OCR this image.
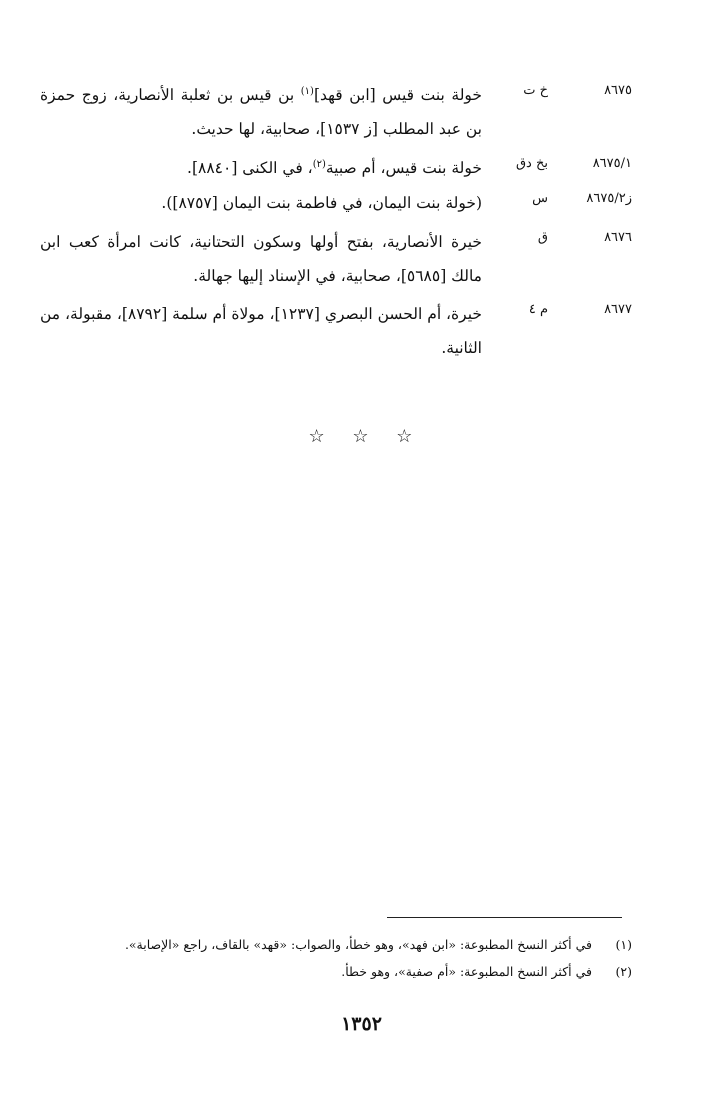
٨٦٧٥
خ ت
خولة بنت قيس [ابن قهد]$^{(١)}$ بن قيس بن ثعلبة الأنصارية، زوج حمزة بن عبد المطلب [ز ١٥٣٧]، صحابية، لها حديث.
٨٦٧٥/١
بخ دق
خولة بنت قيس، أم صبية$^{(٢)}$، في الكنى [٨٨٤٠].
ز٨٦٧٥/٢
س
(خولة بنت اليمان، في فاطمة بنت اليمان [٨٧٥٧]).
٨٦٧٦
ق
خيرة الأنصارية، بفتح أولها وسكون التحتانية، كانت امرأة كعب ابن مالك [٥٦٨٥]، صحابية، في الإسناد إليها جهالة.
٨٦٧٧
م ٤
خيرة، أم الحسن البصري [١٢٣٧]، مولاة أم سلمة [٨٧٩٢]، مقبولة، من الثانية.
☆ ☆ ☆
(١)
في أكثر النسخ المطبوعة: «ابن فهد»، وهو خطأ، والصواب: «قهد» بالقاف، راجع «الإصابة».
(٢)
في أكثر النسخ المطبوعة: «أم صفية»، وهو خطأ.
١٣٥٢
